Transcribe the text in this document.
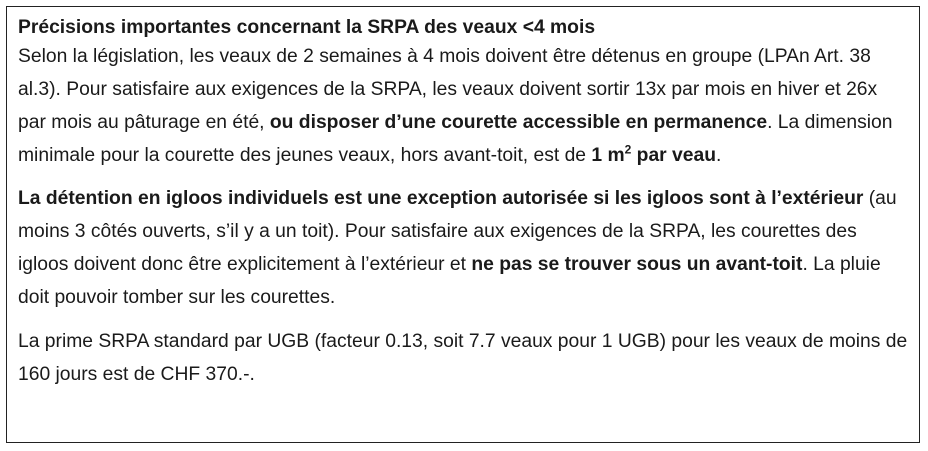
Précisions importantes concernant la SRPA des veaux <4 mois

Selon la législation, les veaux de 2 semaines à 4 mois doivent être détenus en groupe (LPAn Art. 38 al.3). Pour satisfaire aux exigences de la SRPA, les veaux doivent sortir 13x par mois en hiver et 26x par mois au pâturage en été, ou disposer d’une courette accessible en permanence. La dimension minimale pour la courette des jeunes veaux, hors avant-toit, est de 1 $m^2$ par veau.

La détention en igloos individuels est une exception autorisée si les igloos sont à l’extérieur (au moins 3 côtés ouverts, s’il y a un toit). Pour satisfaire aux exigences de la SRPA, les courettes des igloos doivent donc être explicitement à l’extérieur et ne pas se trouver sous un avant-toit. La pluie doit pouvoir tomber sur les courettes.

La prime SRPA standard par UGB (facteur 0.13, soit 7.7 veaux pour 1 UGB) pour les veaux de moins de 160 jours est de CHF 370.-.
